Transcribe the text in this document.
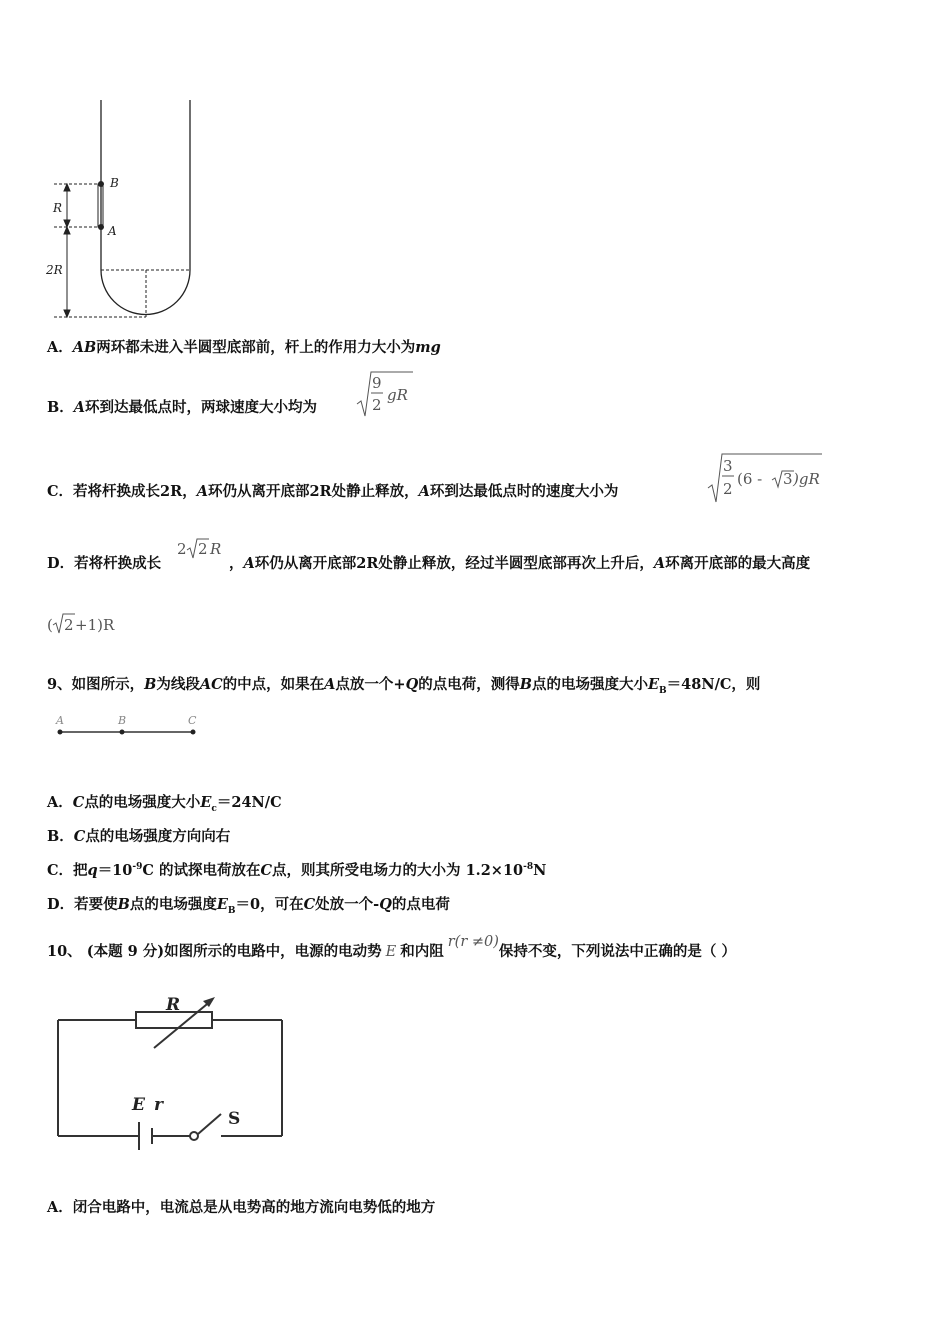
B
A
R
2R
A．AB两环都未进入半圆型底部前，杆上的作用力大小为mg
B．A环到达最低点时，两球速度大小均为
9
2
gR
C．若将杆换成长2R，A环仍从离开底部2R处静止释放，A环到达最低点时的速度大小为
3
2
(6 - 3 )gR
D．若将杆换成长
2 2 R
，A环仍从离开底部2R处静止释放，经过半圆型底部再次上升后，A环离开底部的最大高度
( 2 +1)R
9、如图所示，B为线段AC的中点，如果在A点放一个+Q的点电荷，测得B点的电场强度大小$E_B=48N/C$，则
A	B	C
A．C点的电场强度大小$E_c=24N/C$
B．C点的电场强度方向向右
C．把$q=10^{-9}C$ 的试探电荷放在C点，则其所受电场力的大小为 $1.2\times 10^{-8}N$
D．若要使B点的电场强度$E_B=0$，可在C处放一个-Q的点电荷
10、 (本题 9 分)如图所示的电路中，电源的电动势 E 和内阻r(r ≠0)保持不变，下列说法中正确的是（ ）
R
E r
S
A．闭合电路中，电流总是从电势高的地方流向电势低的地方
